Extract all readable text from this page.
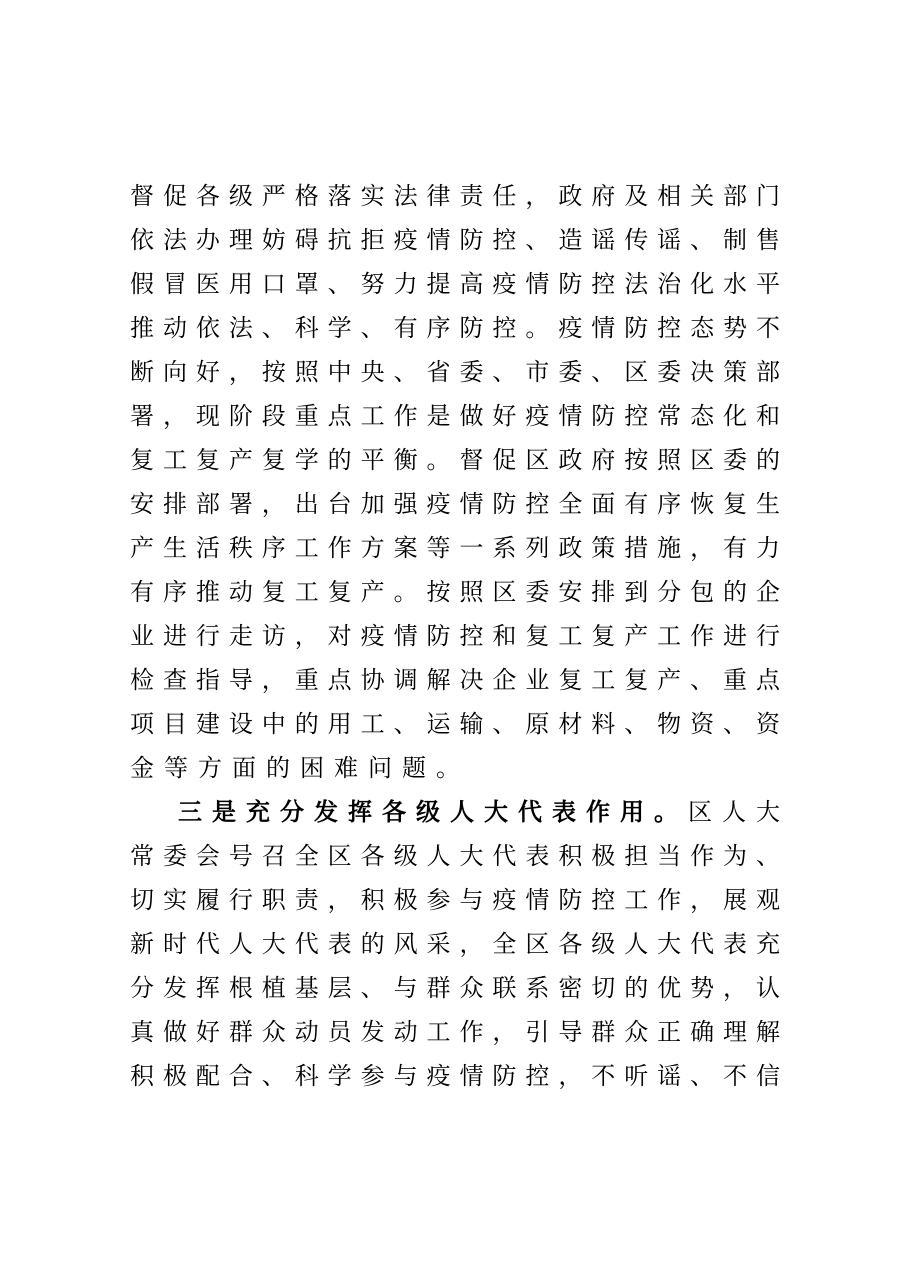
督促各级严格落实法律责任，政府及相关部门
依法办理妨碍抗拒疫情防控、造谣传谣、制售
假冒医用口罩、努力提高疫情防控法治化水平
推动依法、科学、有序防控。疫情防控态势不
断向好，按照中央、省委、市委、区委决策部
署，现阶段重点工作是做好疫情防控常态化和
复工复产复学的平衡。督促区政府按照区委的
安排部署，出台加强疫情防控全面有序恢复生
产生活秩序工作方案等一系列政策措施，有力
有序推动复工复产。按照区委安排到分包的企
业进行走访，对疫情防控和复工复产工作进行
检查指导，重点协调解决企业复工复产、重点
项目建设中的用工、运输、原材料、物资、资
金等方面的困难问题。
三是充分发挥各级人大代表作用。区人大
常委会号召全区各级人大代表积极担当作为、
切实履行职责，积极参与疫情防控工作，展观
新时代人大代表的风采，全区各级人大代表充
分发挥根植基层、与群众联系密切的优势，认
真做好群众动员发动工作，引导群众正确理解
积极配合、科学参与疫情防控，不听谣、不信
